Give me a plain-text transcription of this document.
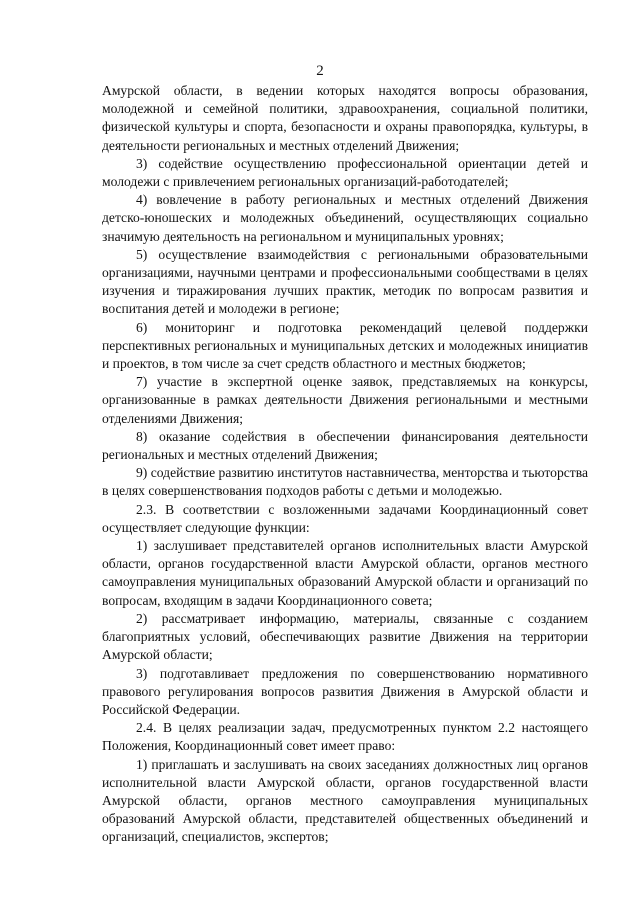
2

Амурской области, в ведении которых находятся вопросы образования, молодежной и семейной политики, здравоохранения, социальной политики, физической культуры и спорта, безопасности и охраны правопорядка, культуры, в деятельности региональных и местных отделений Движения;

3) содействие осуществлению профессиональной ориентации детей и молодежи с привлечением региональных организаций-работодателей;

4) вовлечение в работу региональных и местных отделений Движения детско-юношеских и молодежных объединений, осуществляющих социально значимую деятельность на региональном и муниципальных уровнях;

5) осуществление взаимодействия с региональными образовательными организациями, научными центрами и профессиональными сообществами в целях изучения и тиражирования лучших практик, методик по вопросам развития и воспитания детей и молодежи в регионе;

6) мониторинг и подготовка рекомендаций целевой поддержки перспективных региональных и муниципальных детских и молодежных инициатив и проектов, в том числе за счет средств областного и местных бюджетов;

7) участие в экспертной оценке заявок, представляемых на конкурсы, организованные в рамках деятельности Движения региональными и местными отделениями Движения;

8) оказание содействия в обеспечении финансирования деятельности региональных и местных отделений Движения;

9) содействие развитию институтов наставничества, менторства и тьюторства в целях совершенствования подходов работы с детьми и молодежью.

2.3. В соответствии с возложенными задачами Координационный совет осуществляет следующие функции:

1) заслушивает представителей органов исполнительных власти Амурской области, органов государственной власти Амурской области, органов местного самоуправления муниципальных образований Амурской области и организаций по вопросам, входящим в задачи Координационного совета;

2) рассматривает информацию, материалы, связанные с созданием благоприятных условий, обеспечивающих развитие Движения на территории Амурской области;

3) подготавливает предложения по совершенствованию нормативного правового регулирования вопросов развития Движения в Амурской области и Российской Федерации.

2.4. В целях реализации задач, предусмотренных пунктом 2.2 настоящего Положения, Координационный совет имеет право:

1) приглашать и заслушивать на своих заседаниях должностных лиц органов исполнительной власти Амурской области, органов государственной власти Амурской области, органов местного самоуправления муниципальных образований Амурской области, представителей общественных объединений и организаций, специалистов, экспертов;
